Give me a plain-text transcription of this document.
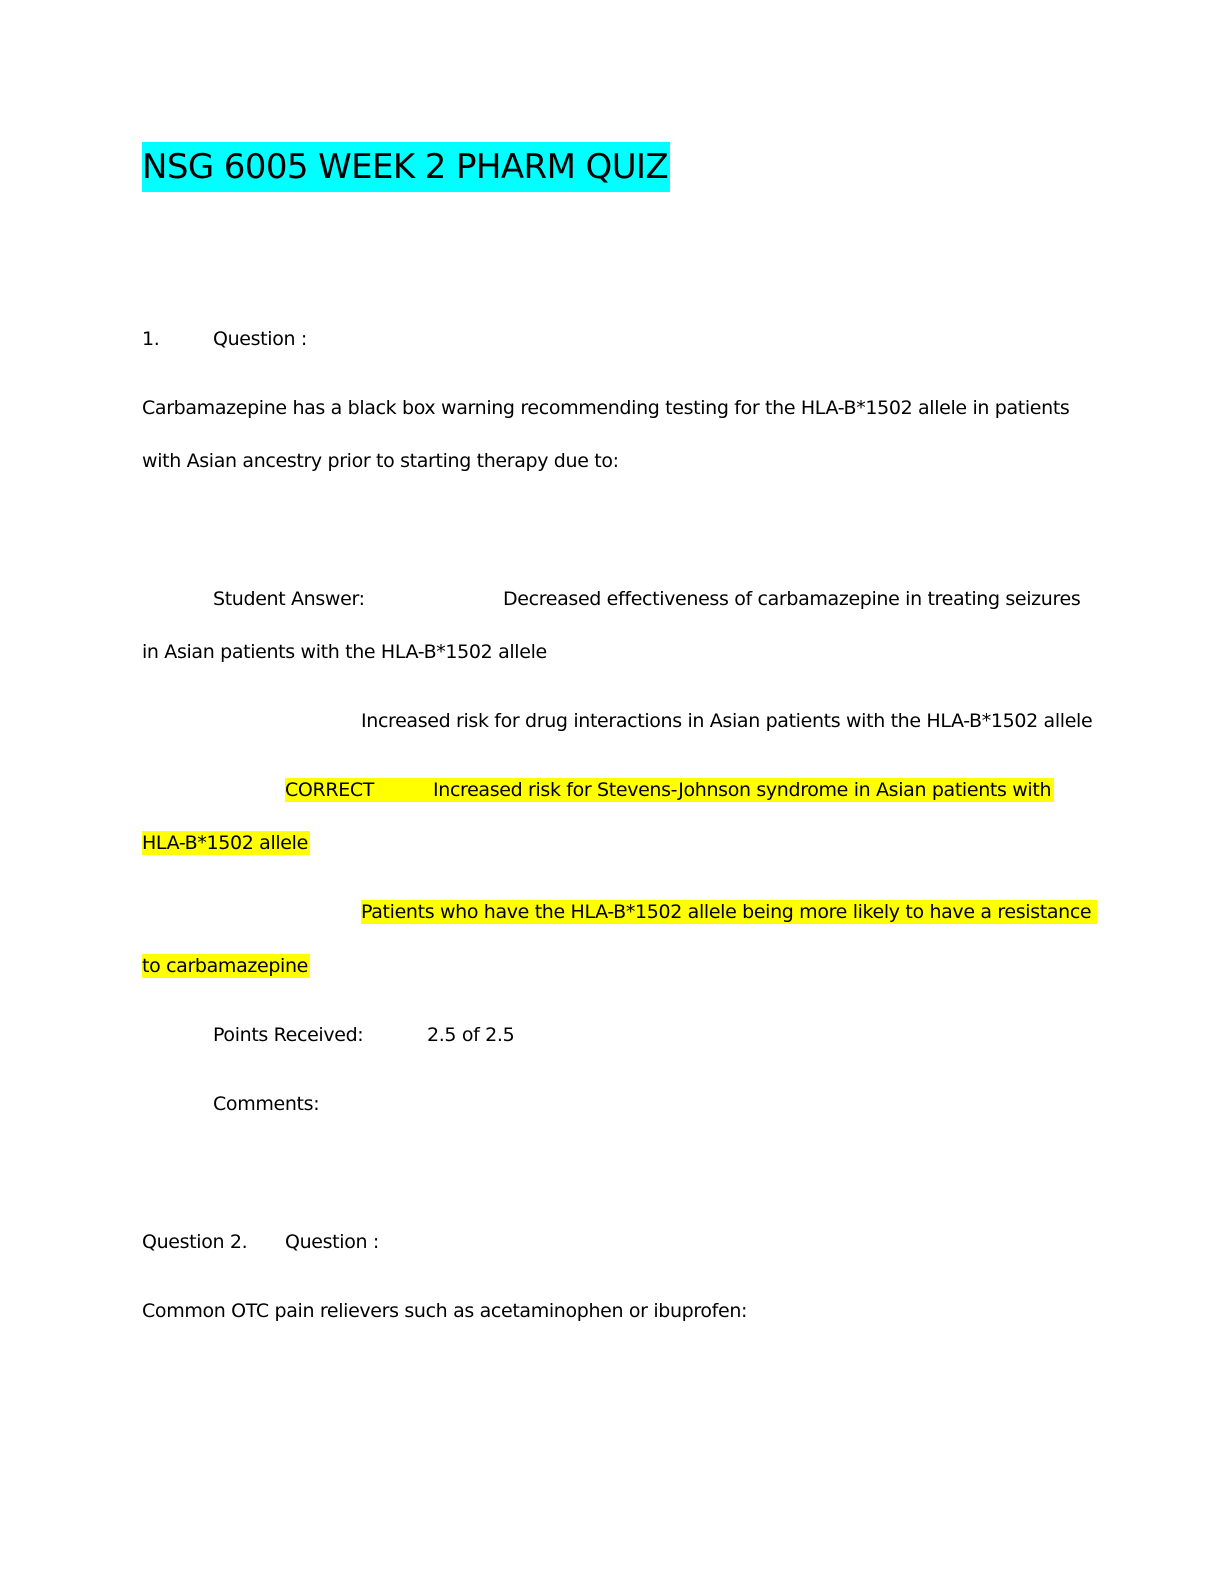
NSG 6005 WEEK 2 PHARM QUIZ
1.	Question :
Carbamazepine has a black box warning recommending testing for the HLA-B*1502 allele in patients
with Asian ancestry prior to starting therapy due to:
Student Answer:	Decreased effectiveness of carbamazepine in treating seizures
in Asian patients with the HLA-B*1502 allele
Increased risk for drug interactions in Asian patients with the HLA-B*1502 allele
CORRECT	Increased risk for Stevens-Johnson syndrome in Asian patients with
HLA-B*1502 allele
Patients who have the HLA-B*1502 allele being more likely to have a resistance
to carbamazepine
Points Received:	2.5 of 2.5
Comments:
Question 2. Question :
Common OTC pain relievers such as acetaminophen or ibuprofen:
